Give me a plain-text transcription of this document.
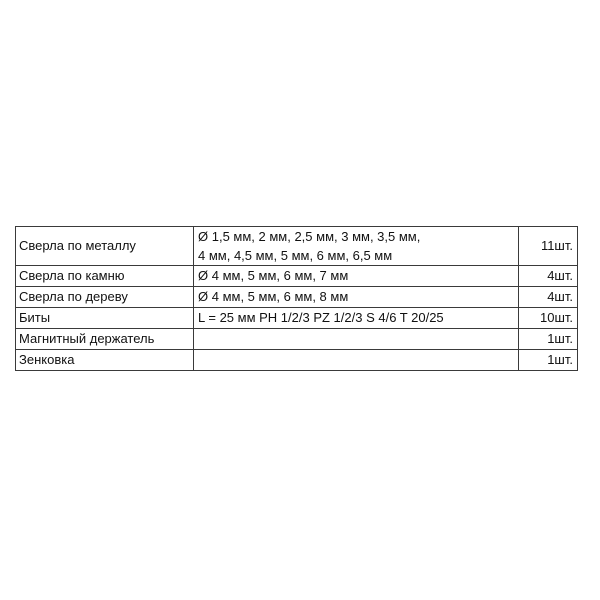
Сверла по металлу	Ø 1,5 мм, 2 мм, 2,5 мм, 3 мм, 3,5 мм,
4 мм, 4,5 мм, 5 мм, 6 мм, 6,5 мм	11шт.
Сверла по камню	Ø 4 мм, 5 мм, 6 мм, 7 мм	4шт.
Сверла по дереву	Ø 4 мм, 5 мм, 6 мм, 8 мм	4шт.
Биты	L = 25 мм PH 1/2/3 PZ 1/2/3 S 4/6 T 20/25	10шт.
Магнитный держатель		1шт.
Зенковка		1шт.
